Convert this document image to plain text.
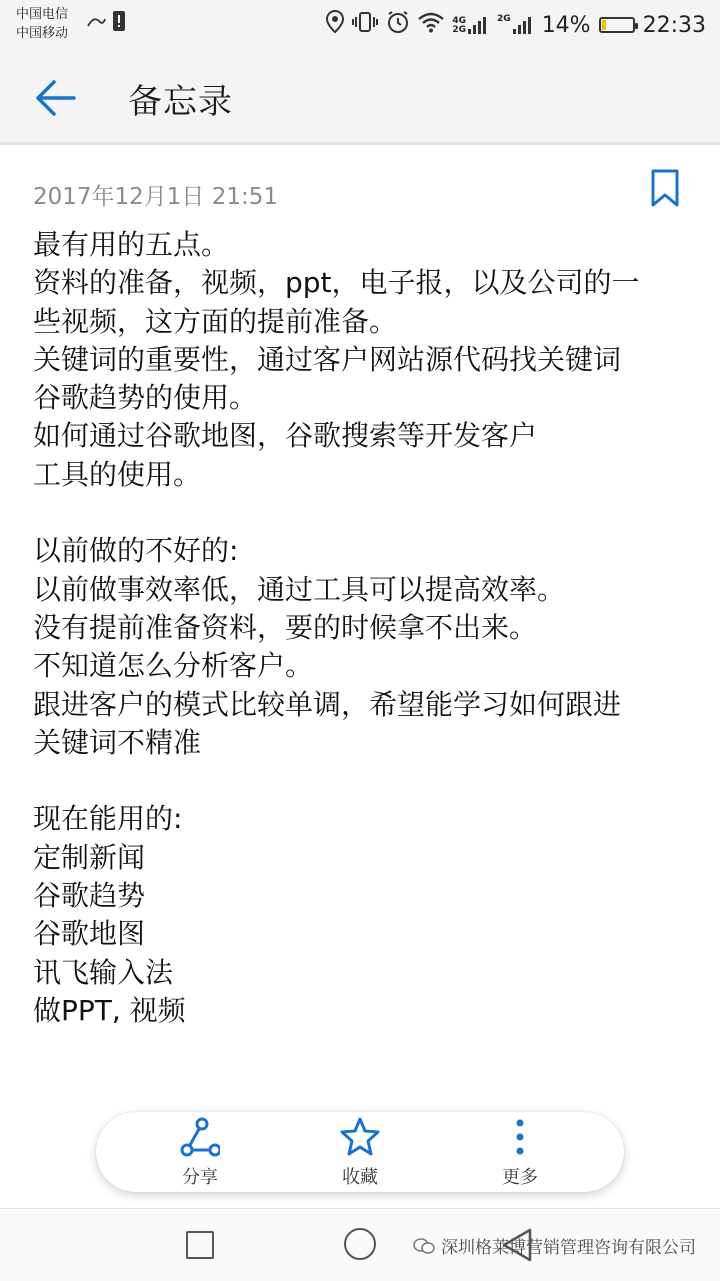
中国电信
中国移动
4G
2G
2G 14% 22:33
备忘录
2017年12月1日 21:51
最有用的五点。
资料的准备，视频，ppt，电子报，以及公司的一
些视频，这方面的提前准备。
关键词的重要性，通过客户网站源代码找关键词
谷歌趋势的使用。
如何通过谷歌地图，谷歌搜索等开发客户
工具的使用。
以前做的不好的:
以前做事效率低，通过工具可以提高效率。
没有提前准备资料，要的时候拿不出来。
不知道怎么分析客户。
跟进客户的模式比较单调，希望能学习如何跟进
关键词不精准
现在能用的:
定制新闻
谷歌趋势
谷歌地图
讯飞输入法
做PPT, 视频
分享	收藏	更多
深圳格莱博营销管理咨询有限公司
